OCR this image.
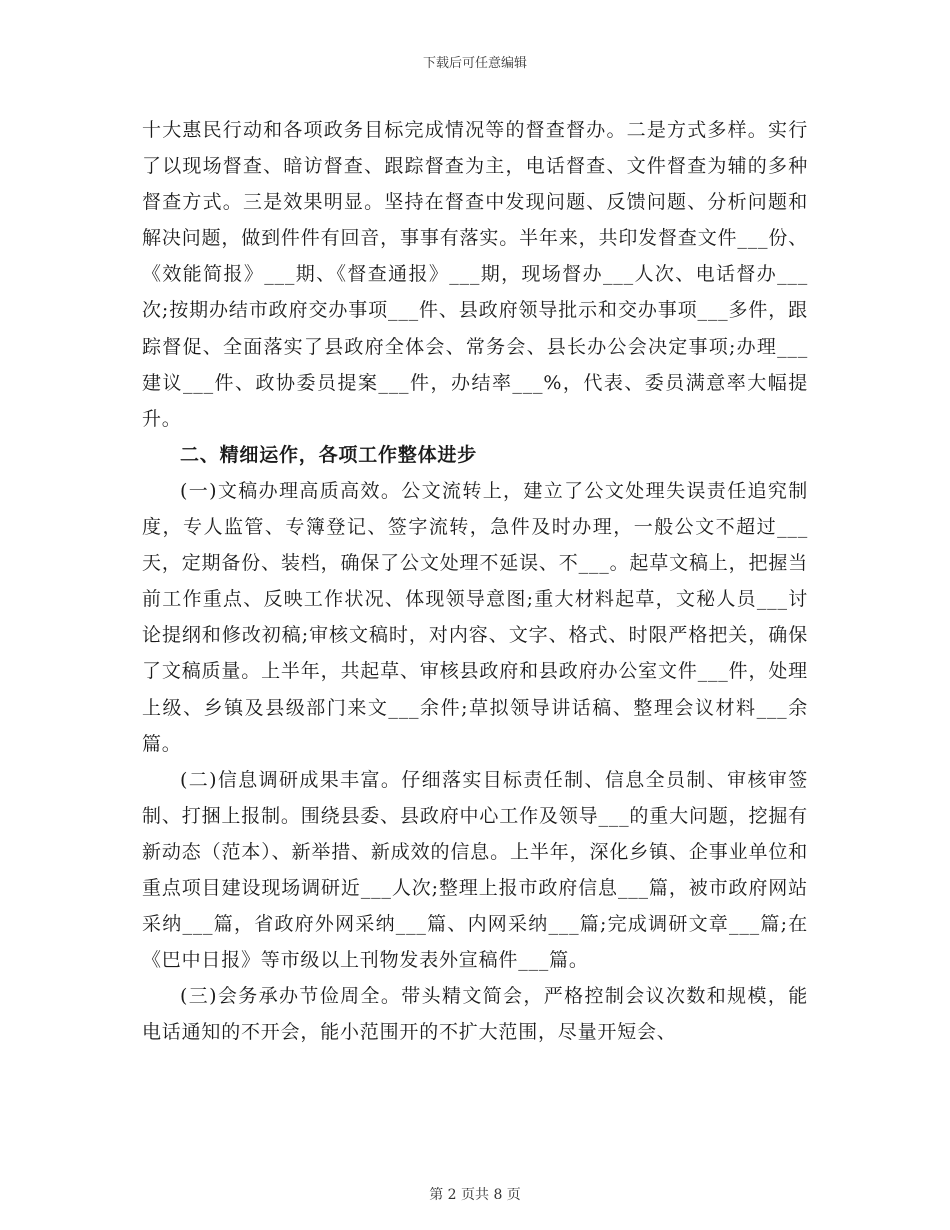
下载后可任意编辑

十大惠民行动和各项政务目标完成情况等的督查督办。二是方式多样。实行了以现场督查、暗访督查、跟踪督查为主，电话督查、文件督查为辅的多种督查方式。三是效果明显。坚持在督查中发现问题、反馈问题、分析问题和解决问题，做到件件有回音，事事有落实。半年来，共印发督查文件___份、《效能简报》___期、《督查通报》___期，现场督办___人次、电话督办___次;按期办结市政府交办事项___件、县政府领导批示和交办事项___多件，跟踪督促、全面落实了县政府全体会、常务会、县长办公会决定事项;办理___建议___件、政协委员提案___件，办结率___%，代表、委员满意率大幅提升。

二、精细运作，各项工作整体进步

(一)文稿办理高质高效。公文流转上，建立了公文处理失误责任追究制度，专人监管、专簿登记、签字流转，急件及时办理，一般公文不超过___天，定期备份、装档，确保了公文处理不延误、不___。起草文稿上，把握当前工作重点、反映工作状况、体现领导意图;重大材料起草，文秘人员___讨论提纲和修改初稿;审核文稿时，对内容、文字、格式、时限严格把关，确保了文稿质量。上半年，共起草、审核县政府和县政府办公室文件___件，处理上级、乡镇及县级部门来文___余件;草拟领导讲话稿、整理会议材料___余篇。

(二)信息调研成果丰富。仔细落实目标责任制、信息全员制、审核审签制、打捆上报制。围绕县委、县政府中心工作及领导___的重大问题，挖掘有新动态（范本）、新举措、新成效的信息。上半年，深化乡镇、企事业单位和重点项目建设现场调研近___人次;整理上报市政府信息___篇，被市政府网站采纳___篇，省政府外网采纳___篇、内网采纳___篇;完成调研文章___篇;在《巴中日报》等市级以上刊物发表外宣稿件___篇。

(三)会务承办节俭周全。带头精文简会，严格控制会议次数和规模，能电话通知的不开会，能小范围开的不扩大范围，尽量开短会、

第 2 页共 8 页
